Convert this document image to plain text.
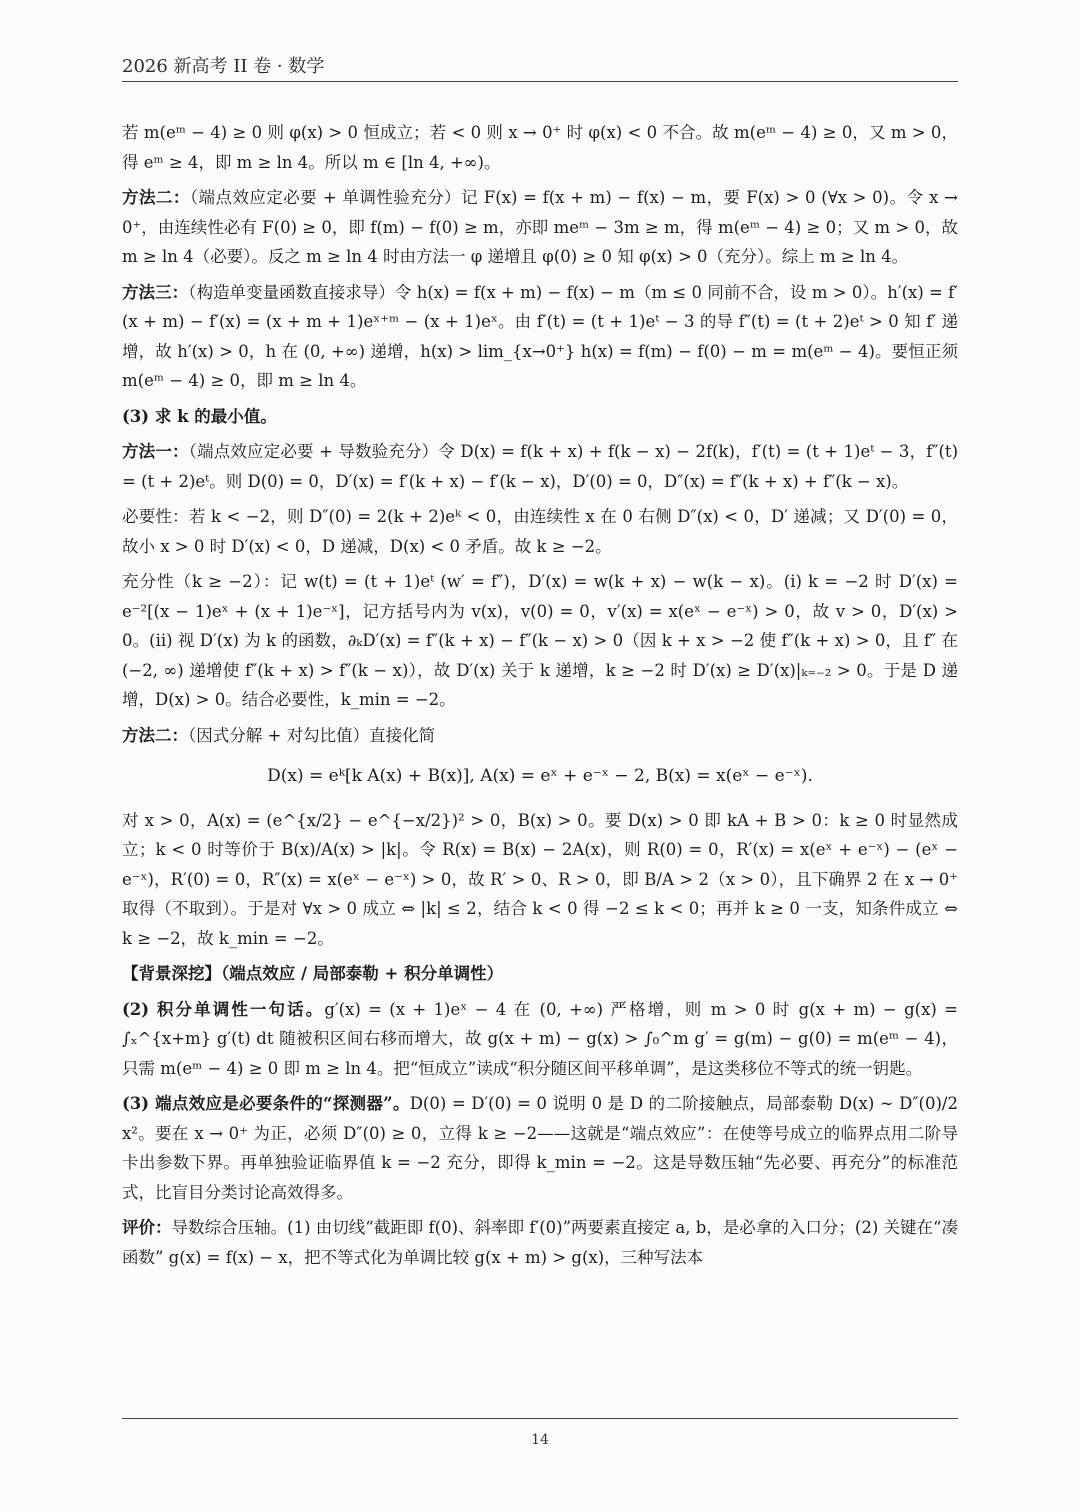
2026 新高考 II 卷 · 数学

若 m(eᵐ − 4) ≥ 0 则 φ(x) > 0 恒成立；若 < 0 则 x → 0⁺ 时 φ(x) < 0 不合。故 m(eᵐ − 4) ≥ 0，又 m > 0，得 eᵐ ≥ 4，即 m ≥ ln 4。所以 m ∈ [ln 4, +∞)。

方法二：（端点效应定必要 + 单调性验充分）记 F(x) = f(x + m) − f(x) − m，要 F(x) > 0 (∀x > 0)。令 x → 0⁺，由连续性必有 F(0) ≥ 0，即 f(m) − f(0) ≥ m，亦即 meᵐ − 3m ≥ m，得 m(eᵐ − 4) ≥ 0；又 m > 0，故 m ≥ ln 4（必要）。反之 m ≥ ln 4 时由方法一 φ 递增且 φ(0) ≥ 0 知 φ(x) > 0（充分）。综上 m ≥ ln 4。

方法三：（构造单变量函数直接求导）令 h(x) = f(x + m) − f(x) − m（m ≤ 0 同前不合，设 m > 0）。h′(x) = f′(x + m) − f′(x) = (x + m + 1)eˣ⁺ᵐ − (x + 1)eˣ。由 f′(t) = (t + 1)eᵗ − 3 的导 f″(t) = (t + 2)eᵗ > 0 知 f′ 递增，故 h′(x) > 0，h 在 (0, +∞) 递增，h(x) > lim_{x→0⁺} h(x) = f(m) − f(0) − m = m(eᵐ − 4)。要恒正须 m(eᵐ − 4) ≥ 0，即 m ≥ ln 4。

(3) 求 k 的最小值。

方法一：（端点效应定必要 + 导数验充分）令 D(x) = f(k + x) + f(k − x) − 2f(k)，f′(t) = (t + 1)eᵗ − 3，f″(t) = (t + 2)eᵗ。则 D(0) = 0，D′(x) = f′(k + x) − f′(k − x)，D′(0) = 0，D″(x) = f″(k + x) + f″(k − x)。

必要性：若 k < −2，则 D″(0) = 2(k + 2)eᵏ < 0，由连续性 x 在 0 右侧 D″(x) < 0，D′ 递减；又 D′(0) = 0，故小 x > 0 时 D′(x) < 0，D 递减，D(x) < 0 矛盾。故 k ≥ −2。

充分性（k ≥ −2）：记 w(t) = (t + 1)eᵗ (w′ = f″)，D′(x) = w(k + x) − w(k − x)。(i) k = −2 时 D′(x) = e⁻²[(x − 1)eˣ + (x + 1)e⁻ˣ]，记方括号内为 v(x)，v(0) = 0，v′(x) = x(eˣ − e⁻ˣ) > 0，故 v > 0，D′(x) > 0。(ii) 视 D′(x) 为 k 的函数，∂ₖD′(x) = f″(k + x) − f″(k − x) > 0（因 k + x > −2 使 f″(k + x) > 0，且 f″ 在 (−2, ∞) 递增使 f″(k + x) > f″(k − x)），故 D′(x) 关于 k 递增，k ≥ −2 时 D′(x) ≥ D′(x)|ₖ₌₋₂ > 0。于是 D 递增，D(x) > 0。结合必要性，k_min = −2。

方法二：（因式分解 + 对勾比值）直接化简

D(x) = eᵏ[k A(x) + B(x)], A(x) = eˣ + e⁻ˣ − 2, B(x) = x(eˣ − e⁻ˣ).

对 x > 0，A(x) = (e^{x/2} − e^{−x/2})² > 0，B(x) > 0。要 D(x) > 0 即 kA + B > 0：k ≥ 0 时显然成立；k < 0 时等价于 B(x)/A(x) > |k|。令 R(x) = B(x) − 2A(x)，则 R(0) = 0，R′(x) = x(eˣ + e⁻ˣ) − (eˣ − e⁻ˣ)，R′(0) = 0，R″(x) = x(eˣ − e⁻ˣ) > 0，故 R′ > 0、R > 0，即 B/A > 2（x > 0），且下确界 2 在 x → 0⁺ 取得（不取到）。于是对 ∀x > 0 成立 ⇔ |k| ≤ 2，结合 k < 0 得 −2 ≤ k < 0；再并 k ≥ 0 一支，知条件成立 ⇔ k ≥ −2，故 k_min = −2。

【背景深挖】（端点效应 / 局部泰勒 + 积分单调性）

(2) 积分单调性一句话。g′(x) = (x + 1)eˣ − 4 在 (0, +∞) 严格增，则 m > 0 时 g(x + m) − g(x) = ∫ₓ^{x+m} g′(t) dt 随被积区间右移而增大，故 g(x + m) − g(x) > ∫₀^m g′ = g(m) − g(0) = m(eᵐ − 4)，只需 m(eᵐ − 4) ≥ 0 即 m ≥ ln 4。把“恒成立”读成“积分随区间平移单调”，是这类移位不等式的统一钥匙。

(3) 端点效应是必要条件的“探测器”。D(0) = D′(0) = 0 说明 0 是 D 的二阶接触点，局部泰勒 D(x) ∼ D″(0)/2 x²。要在 x → 0⁺ 为正，必须 D″(0) ≥ 0，立得 k ≥ −2——这就是“端点效应”：在使等号成立的临界点用二阶导卡出参数下界。再单独验证临界值 k = −2 充分，即得 k_min = −2。这是导数压轴“先必要、再充分”的标准范式，比盲目分类讨论高效得多。

评价：导数综合压轴。(1) 由切线“截距即 f(0)、斜率即 f′(0)”两要素直接定 a, b，是必拿的入口分；(2) 关键在“凑函数” g(x) = f(x) − x，把不等式化为单调比较 g(x + m) > g(x)，三种写法本

14
